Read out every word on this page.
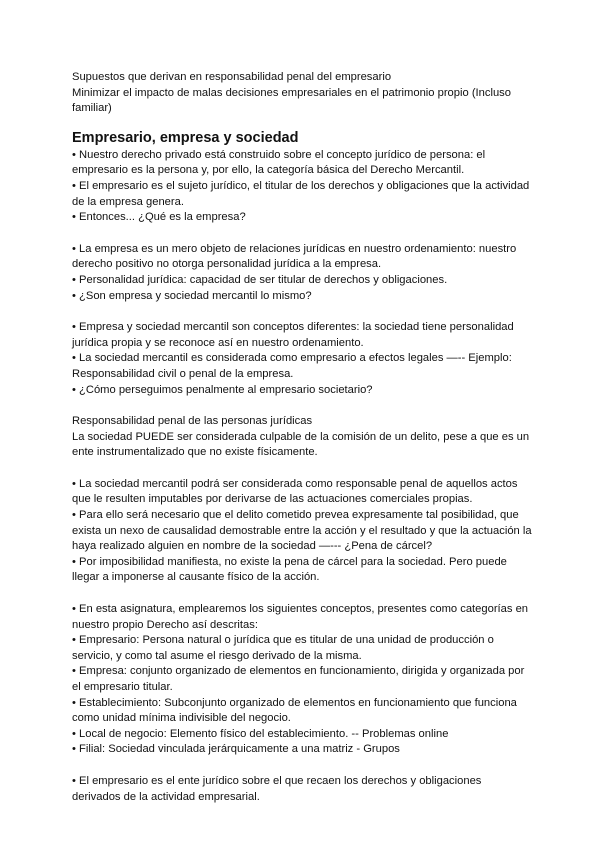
Supuestos que derivan en responsabilidad penal del empresario

Minimizar el impacto de malas decisiones empresariales en el patrimonio propio (Incluso familiar)

Empresario, empresa y sociedad

• Nuestro derecho privado está construido sobre el concepto jurídico de persona: el empresario es la persona y, por ello, la categoría básica del Derecho Mercantil.

• El empresario es el sujeto jurídico, el titular de los derechos y obligaciones que la actividad de la empresa genera.

• Entonces... ¿Qué es la empresa?

• La empresa es un mero objeto de relaciones jurídicas en nuestro ordenamiento: nuestro derecho positivo no otorga personalidad jurídica a la empresa.

• Personalidad jurídica: capacidad de ser titular de derechos y obligaciones.

• ¿Son empresa y sociedad mercantil lo mismo?

• Empresa y sociedad mercantil son conceptos diferentes: la sociedad tiene personalidad jurídica propia y se reconoce así en nuestro ordenamiento.

• La sociedad mercantil es considerada como empresario a efectos legales —-- Ejemplo: Responsabilidad civil o penal de la empresa.

• ¿Cómo perseguimos penalmente al empresario societario?

Responsabilidad penal de las personas jurídicas

La sociedad PUEDE ser considerada culpable de la comisión de un delito, pese a que es un ente instrumentalizado que no existe físicamente.

• La sociedad mercantil podrá ser considerada como responsable penal de aquellos actos que le resulten imputables por derivarse de las actuaciones comerciales propias.

• Para ello será necesario que el delito cometido prevea expresamente tal posibilidad, que exista un nexo de causalidad demostrable entre la acción y el resultado y que la actuación la haya realizado alguien en nombre de la sociedad —--- ¿Pena de cárcel?

• Por imposibilidad manifiesta, no existe la pena de cárcel para la sociedad. Pero puede llegar a imponerse al causante físico de la acción.

• En esta asignatura, emplearemos los siguientes conceptos, presentes como categorías en nuestro propio Derecho así descritas:

• Empresario: Persona natural o jurídica que es titular de una unidad de producción o servicio, y como tal asume el riesgo derivado de la misma.

• Empresa: conjunto organizado de elementos en funcionamiento, dirigida y organizada por el empresario titular.

• Establecimiento: Subconjunto organizado de elementos en funcionamiento que funciona como unidad mínima indivisible del negocio.

• Local de negocio: Elemento físico del establecimiento. -- Problemas online

• Filial: Sociedad vinculada jerárquicamente a una matriz - Grupos

• El empresario es el ente jurídico sobre el que recaen los derechos y obligaciones derivados de la actividad empresarial.
